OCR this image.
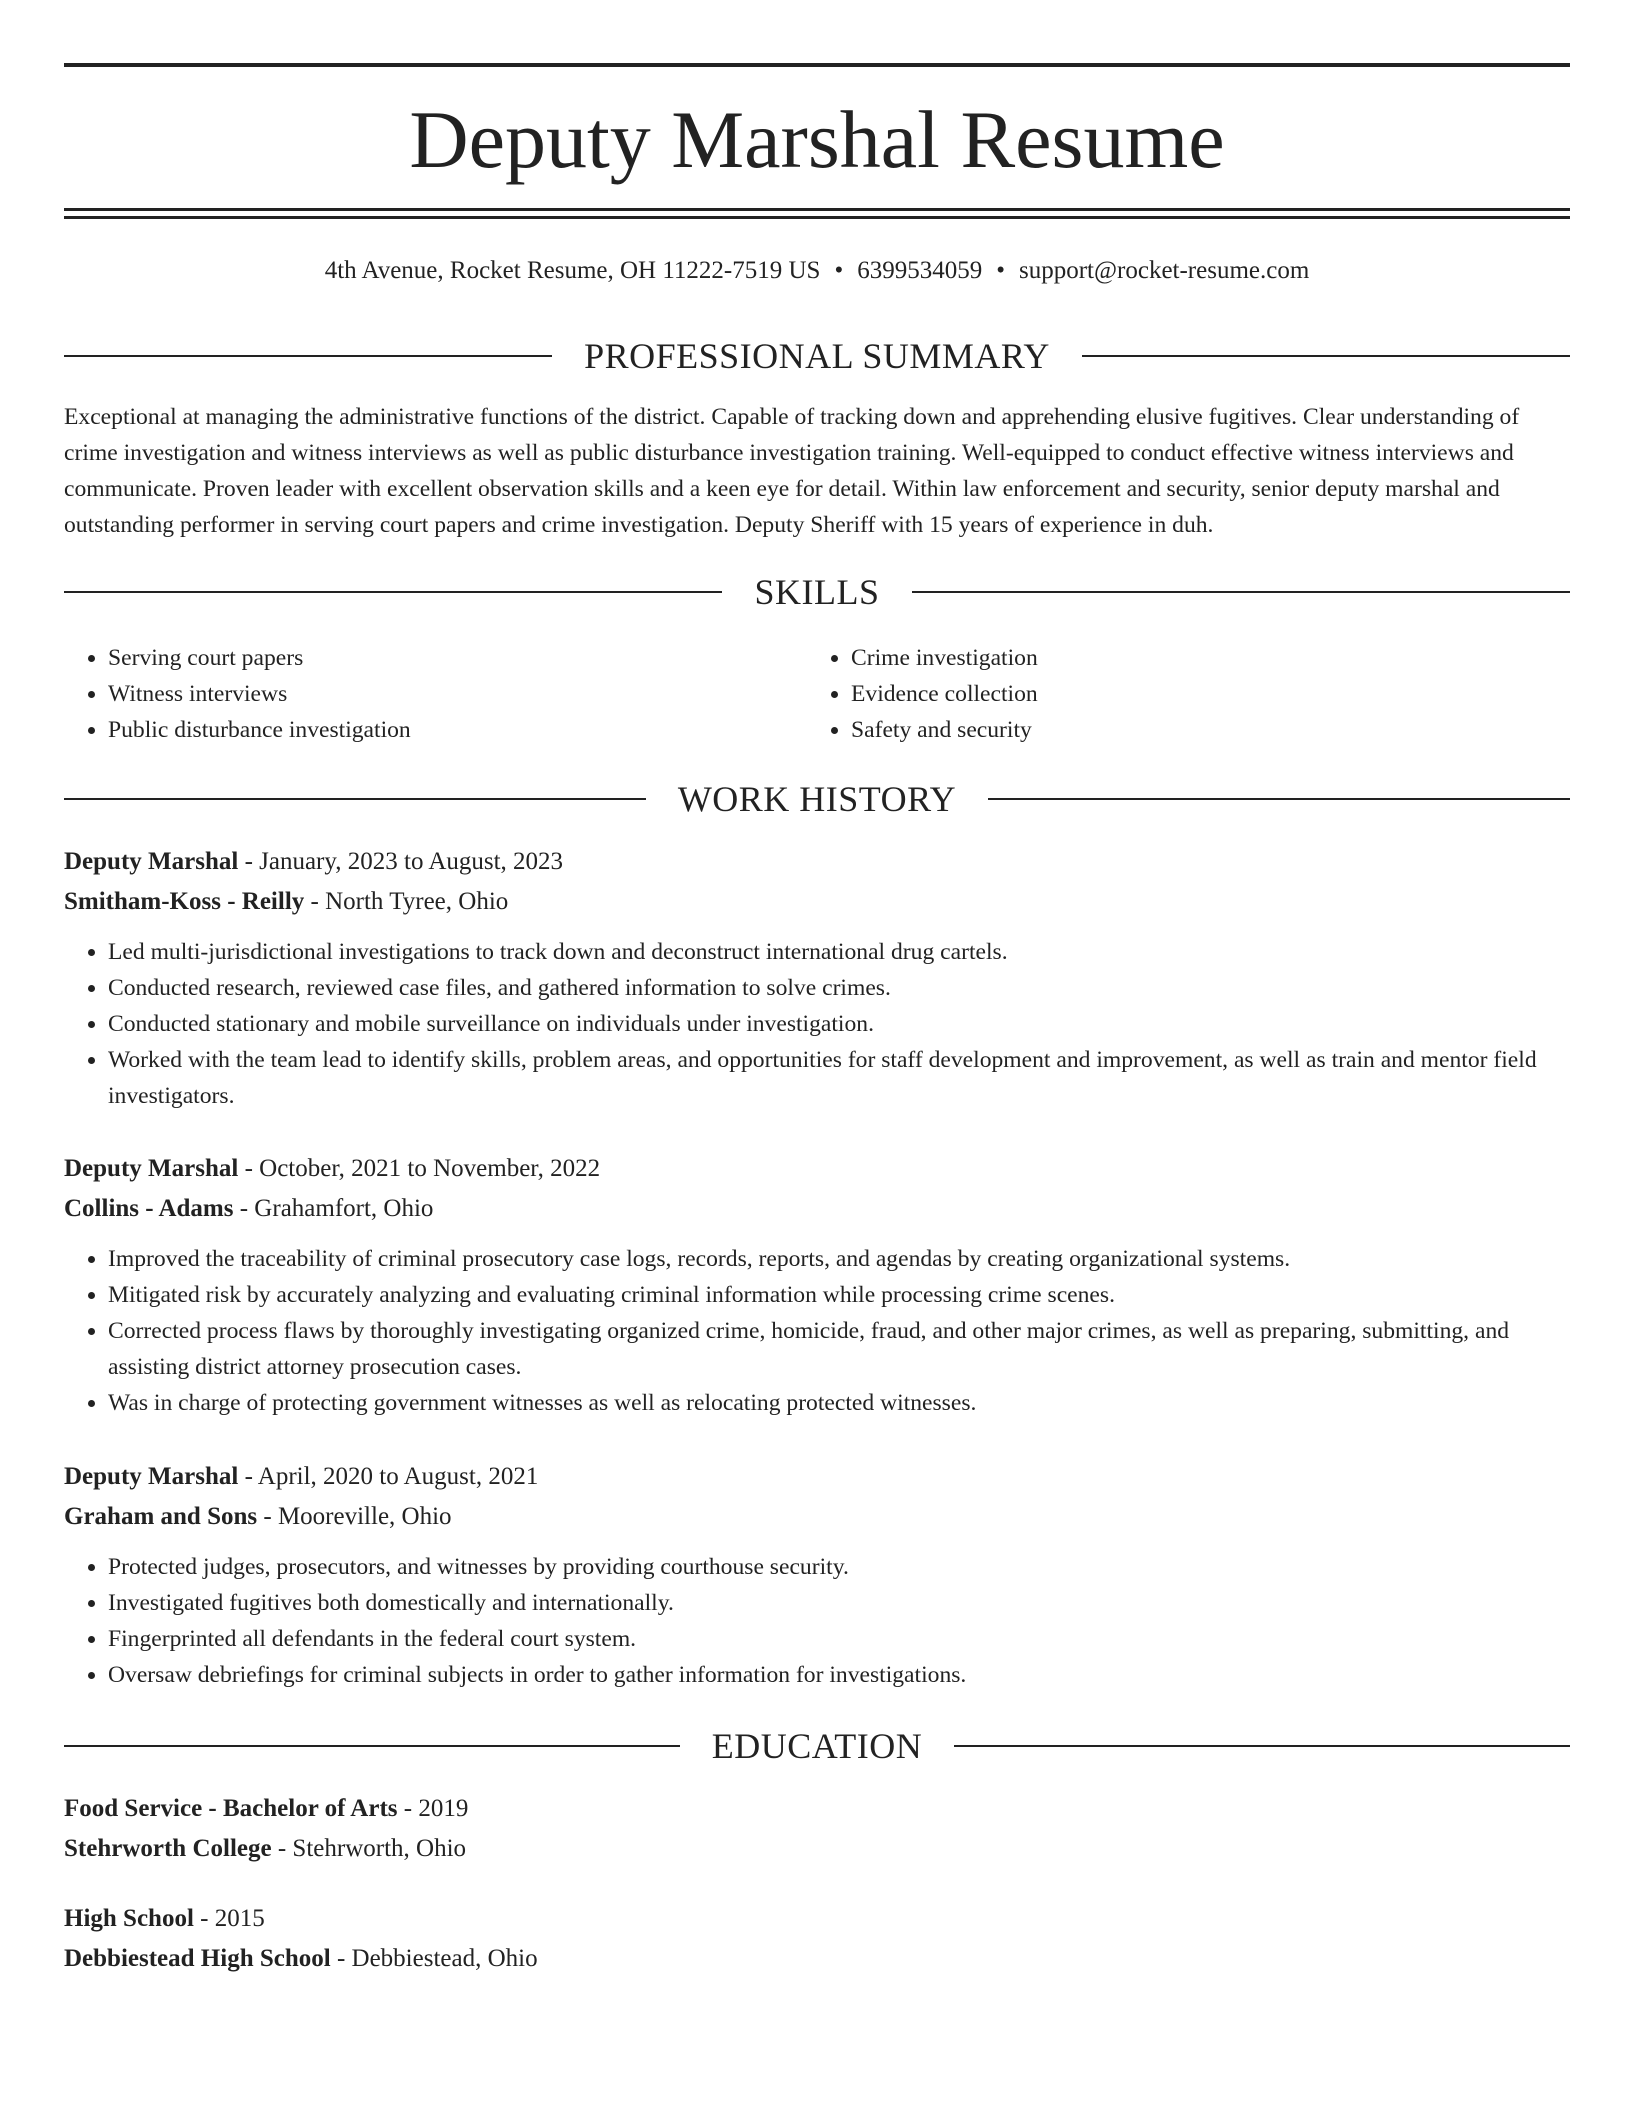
Deputy Marshal Resume
4th Avenue, Rocket Resume, OH 11222-7519 US • 6399534059 • support@rocket-resume.com
PROFESSIONAL SUMMARY

Exceptional at managing the administrative functions of the district. Capable of tracking down and apprehending elusive fugitives. Clear understanding of crime investigation and witness interviews as well as public disturbance investigation training. Well-equipped to conduct effective witness interviews and communicate. Proven leader with excellent observation skills and a keen eye for detail. Within law enforcement and security, senior deputy marshal and outstanding performer in serving court papers and crime investigation. Deputy Sheriff with 15 years of experience in duh.

SKILLS
• Serving court papers
• Witness interviews
• Public disturbance investigation
• Crime investigation
• Evidence collection
• Safety and security
WORK HISTORY

Deputy Marshal - January, 2023 to August, 2023

Smitham-Koss - Reilly - North Tyree, Ohio

• Led multi-jurisdictional investigations to track down and deconstruct international drug cartels.
• Conducted research, reviewed case files, and gathered information to solve crimes.
• Conducted stationary and mobile surveillance on individuals under investigation.
• Worked with the team lead to identify skills, problem areas, and opportunities for staff development and improvement, as well as train and mentor field investigators.

Deputy Marshal - October, 2021 to November, 2022

Collins - Adams - Grahamfort, Ohio

• Improved the traceability of criminal prosecutory case logs, records, reports, and agendas by creating organizational systems.
• Mitigated risk by accurately analyzing and evaluating criminal information while processing crime scenes.
• Corrected process flaws by thoroughly investigating organized crime, homicide, fraud, and other major crimes, as well as preparing, submitting, and assisting district attorney prosecution cases.
• Was in charge of protecting government witnesses as well as relocating protected witnesses.

Deputy Marshal - April, 2020 to August, 2021

Graham and Sons - Mooreville, Ohio

• Protected judges, prosecutors, and witnesses by providing courthouse security.
• Investigated fugitives both domestically and internationally.
• Fingerprinted all defendants in the federal court system.
• Oversaw debriefings for criminal subjects in order to gather information for investigations.
EDUCATION

Food Service - Bachelor of Arts - 2019

Stehrworth College - Stehrworth, Ohio

High School - 2015

Debbiestead High School - Debbiestead, Ohio
